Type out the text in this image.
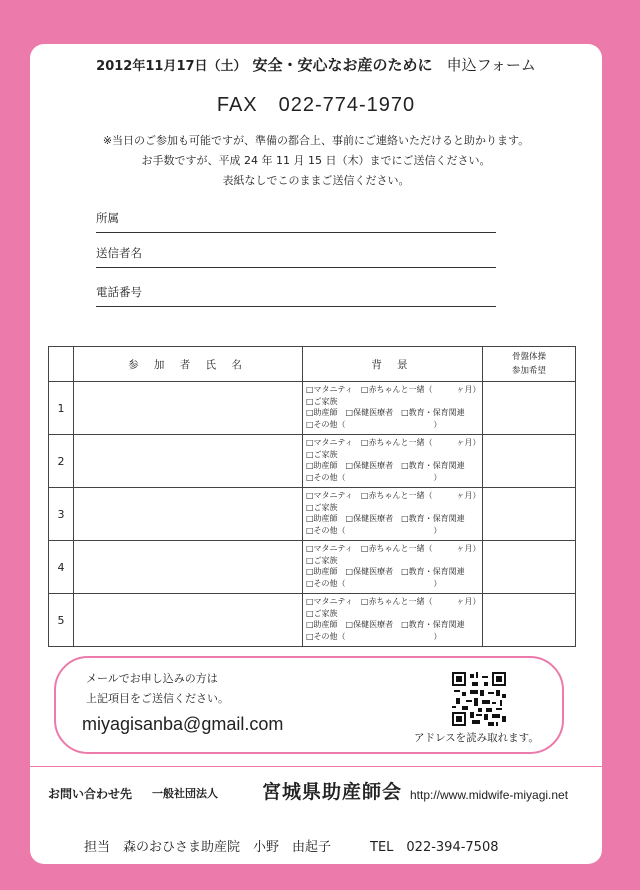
2012年11月17日（土） 安全・安心なお産のために 申込フォーム
FAX　022-774-1970
※当日のご参加も可能ですが、準備の都合上、事前にご連絡いただけると助かります。
お手数ですが、平成 24 年 11 月 15 日（木）までにご送信ください。
表紙なしでこのままご送信ください。
所属
送信者名
電話番号
	参 加 者 氏 名	背 景	骨盤体操
参加希望

1		□マタニティ　□赤ちゃんと一緒（　　　ヶ月）
□ご家族
□助産師　□保健医療者　□教育・保育関連
□その他（　　　　　　　　　　　）	

2		□マタニティ　□赤ちゃんと一緒（　　　ヶ月）
□ご家族
□助産師　□保健医療者　□教育・保育関連
□その他（　　　　　　　　　　　）	

3		□マタニティ　□赤ちゃんと一緒（　　　ヶ月）
□ご家族
□助産師　□保健医療者　□教育・保育関連
□その他（　　　　　　　　　　　）	

4		□マタニティ　□赤ちゃんと一緒（　　　ヶ月）
□ご家族
□助産師　□保健医療者　□教育・保育関連
□その他（　　　　　　　　　　　）	

5		□マタニティ　□赤ちゃんと一緒（　　　ヶ月）
□ご家族
□助産師　□保健医療者　□教育・保育関連
□その他（　　　　　　　　　　　）	

メールでお申し込みの方は
上記項目をご送信ください。
miyagisanba@gmail.com
アドレスを読み取れます。
お問い合わせ先 一般社団法人 宮城県助産師会 http://www.midwife-miyagi.net
担当　森のおひさま助産院　小野　由起子　　　TEL　022-394-7508
